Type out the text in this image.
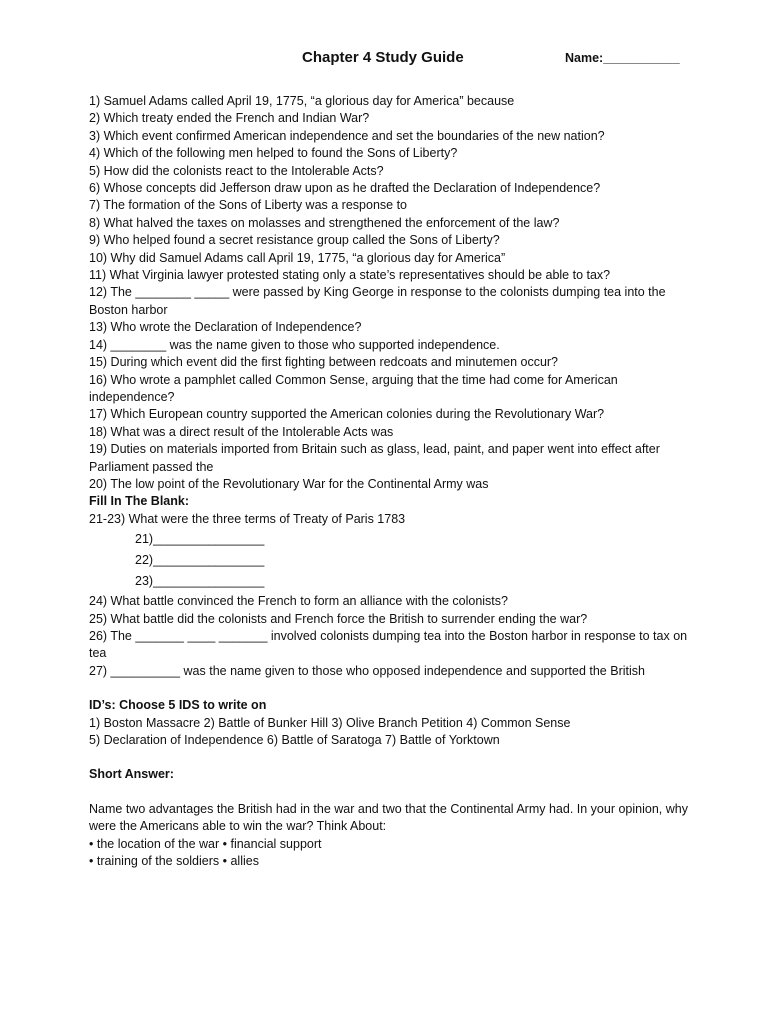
Chapter 4 Study Guide	Name:___________

1) Samuel Adams called April 19, 1775, “a glorious day for America” because

2) Which treaty ended the French and Indian War?

3) Which event confirmed American independence and set the boundaries of the new nation?

4) Which of the following men helped to found the Sons of Liberty?

5) How did the colonists react to the Intolerable Acts?

6) Whose concepts did Jefferson draw upon as he drafted the Declaration of Independence?

7) The formation of the Sons of Liberty was a response to

8) What halved the taxes on molasses and strengthened the enforcement of the law?

9) Who helped found a secret resistance group called the Sons of Liberty?

10) Why did Samuel Adams call April 19, 1775, “a glorious day for America”

11) What Virginia lawyer protested stating only a state’s representatives should be able to tax?

12) The ________ _____ were passed by King George in response to the colonists dumping tea into the Boston harbor

13) Who wrote the Declaration of Independence?

14) ________ was the name given to those who supported independence.

15) During which event did the first fighting between redcoats and minutemen occur?

16) Who wrote a pamphlet called Common Sense, arguing that the time had come for American independence?

17) Which European country supported the American colonies during the Revolutionary War?

18) What was a direct result of the Intolerable Acts was

19) Duties on materials imported from Britain such as glass, lead, paint, and paper went into effect after Parliament passed the

20) The low point of the Revolutionary War for the Continental Army was

Fill In The Blank:

21-23) What were the three terms of Treaty of Paris 1783

21)________________

22)________________

23)________________

24) What battle convinced the French to form an alliance with the colonists?

25) What battle did the colonists and French force the British to surrender ending the war?

26) The _______ ____ _______ involved colonists dumping tea into the Boston harbor in response to tax on tea

27) __________ was the name given to those who opposed independence and supported the British

ID’s: Choose 5 IDS to write on

1) Boston Massacre 2) Battle of Bunker Hill 3) Olive Branch Petition 4) Common Sense

5) Declaration of Independence 6) Battle of Saratoga 7) Battle of Yorktown

Short Answer:

Name two advantages the British had in the war and two that the Continental Army had. In your opinion, why were the Americans able to win the war? Think About:

• the location of the war • financial support

• training of the soldiers • allies
